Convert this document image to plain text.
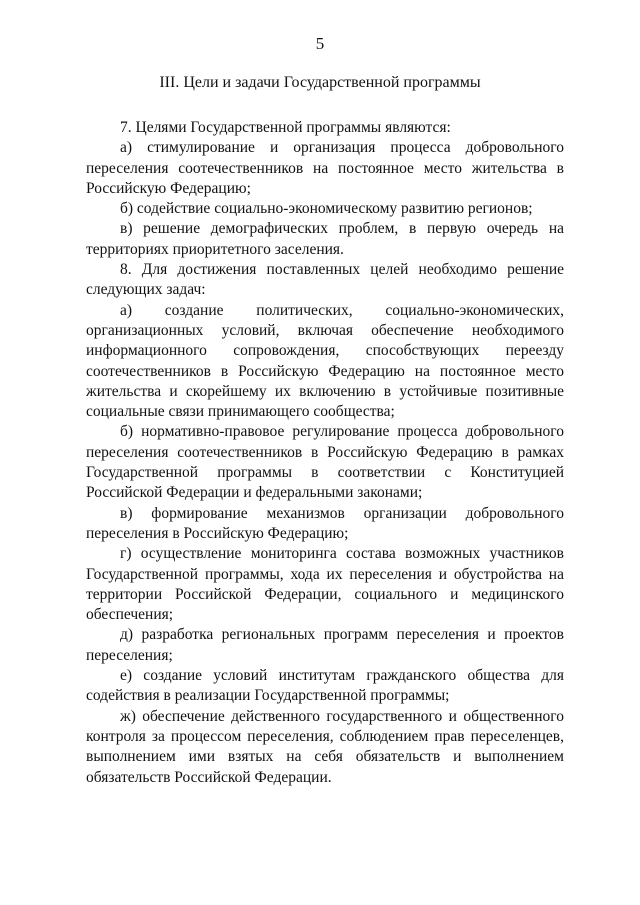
5
III. Цели и задачи Государственной программы

7. Целями Государственной программы являются:

а) стимулирование и организация процесса добровольного переселения соотечественников на постоянное место жительства в Российскую Федерацию;

б) содействие социально-экономическому развитию регионов;

в) решение демографических проблем, в первую очередь на территориях приоритетного заселения.

8. Для достижения поставленных целей необходимо решение следующих задач:

а) создание политических, социально-экономических, организационных условий, включая обеспечение необходимого информационного сопровождения, способствующих переезду соотечественников в Российскую Федерацию на постоянное место жительства и скорейшему их включению в устойчивые позитивные социальные связи принимающего сообщества;

б) нормативно-правовое регулирование процесса добровольного переселения соотечественников в Российскую Федерацию в рамках Государственной программы в соответствии с Конституцией Российской Федерации и федеральными законами;

в) формирование механизмов организации добровольного переселения в Российскую Федерацию;

г) осуществление мониторинга состава возможных участников Государственной программы, хода их переселения и обустройства на территории Российской Федерации, социального и медицинского обеспечения;

д) разработка региональных программ переселения и проектов переселения;

е) создание условий институтам гражданского общества для содействия в реализации Государственной программы;

ж) обеспечение действенного государственного и общественного контроля за процессом переселения, соблюдением прав переселенцев, выполнением ими взятых на себя обязательств и выполнением обязательств Российской Федерации.
